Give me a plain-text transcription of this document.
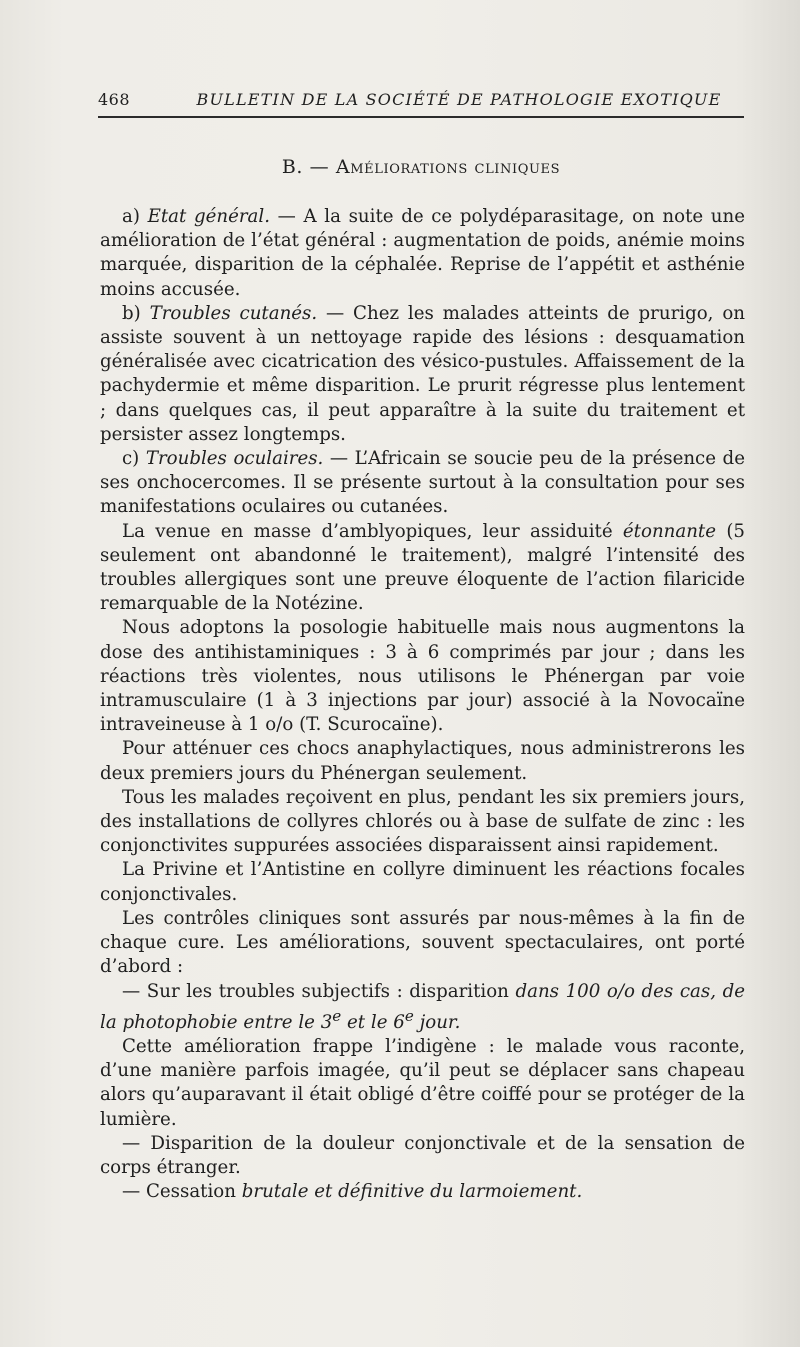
468	BULLETIN DE LA SOCIÉTÉ DE PATHOLOGIE EXOTIQUE
B. — Améliorations cliniques

a) Etat général. — A la suite de ce polydéparasitage, on note une amélioration de l’état général : augmentation de poids, anémie moins marquée, disparition de la céphalée. Reprise de l’appétit et asthénie moins accusée.

b) Troubles cutanés. — Chez les malades atteints de prurigo, on assiste souvent à un nettoyage rapide des lésions : desquamation généralisée avec cicatrication des vésico-pustules. Affaissement de la pachydermie et même disparition. Le prurit régresse plus lentement ; dans quelques cas, il peut apparaître à la suite du traitement et persister assez longtemps.

c) Troubles oculaires. — L’Africain se soucie peu de la présence de ses onchocercomes. Il se présente surtout à la consultation pour ses manifestations oculaires ou cutanées.

La venue en masse d’amblyopiques, leur assiduité étonnante (5 seulement ont abandonné le traitement), malgré l’intensité des troubles allergiques sont une preuve éloquente de l’action filaricide remarquable de la Notézine.

Nous adoptons la posologie habituelle mais nous augmentons la dose des antihistaminiques : 3 à 6 comprimés par jour ; dans les réactions très violentes, nous utilisons le Phénergan par voie intramusculaire (1 à 3 injections par jour) associé à la Novocaïne intraveineuse à 1 o/o (T. Scurocaïne).

Pour atténuer ces chocs anaphylactiques, nous administrerons les deux premiers jours du Phénergan seulement.

Tous les malades reçoivent en plus, pendant les six premiers jours, des installations de collyres chlorés ou à base de sulfate de zinc : les conjonctivites suppurées associées disparaissent ainsi rapidement.

La Privine et l’Antistine en collyre diminuent les réactions focales conjonctivales.

Les contrôles cliniques sont assurés par nous-mêmes à la fin de chaque cure. Les améliorations, souvent spectaculaires, ont porté d’abord :

— Sur les troubles subjectifs : disparition dans 100 o/o des cas, de la photophobie entre le 3e et le 6e jour.

Cette amélioration frappe l’indigène : le malade vous raconte, d’une manière parfois imagée, qu’il peut se déplacer sans chapeau alors qu’auparavant il était obligé d’être coiffé pour se protéger de la lumière.

— Disparition de la douleur conjonctivale et de la sensation de corps étranger.

— Cessation brutale et définitive du larmoiement.
